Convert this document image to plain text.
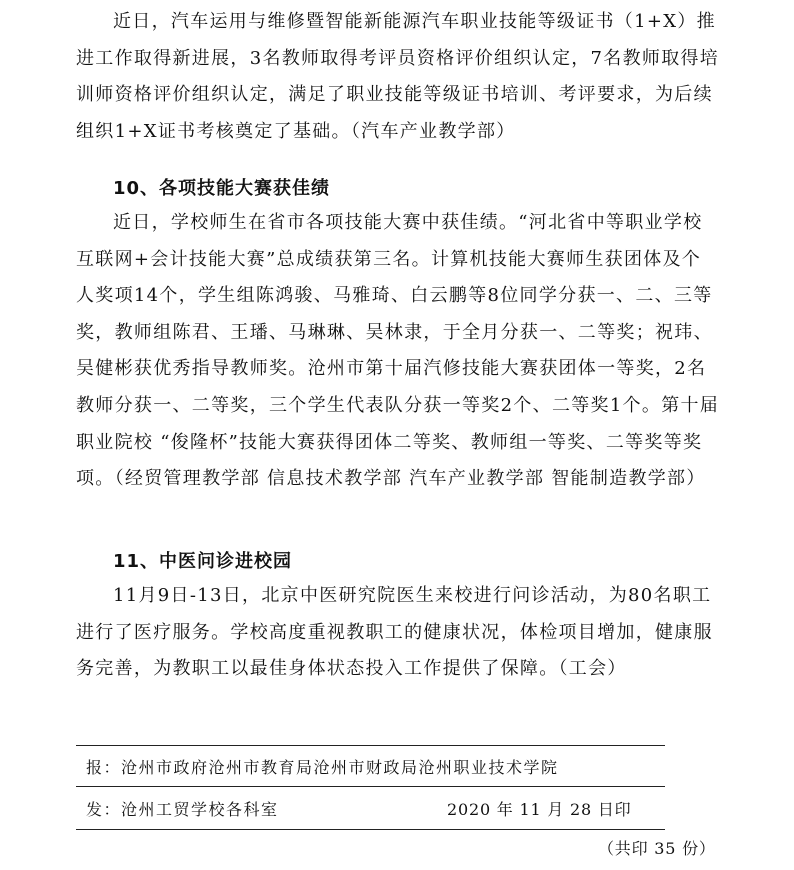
近日，汽车运用与维修暨智能新能源汽车职业技能等级证书（1+X）推进工作取得新进展，3名教师取得考评员资格评价组织认定，7名教师取得培训师资格评价组织认定，满足了职业技能等级证书培训、考评要求，为后续组织1+X证书考核奠定了基础。（汽车产业教学部）

10、各项技能大赛获佳绩

近日，学校师生在省市各项技能大赛中获佳绩。“河北省中等职业学校互联网+会计技能大赛”总成绩获第三名。计算机技能大赛师生获团体及个人奖项14个，学生组陈鸿骏、马雅琦、白云鹏等8位同学分获一、二、三等奖，教师组陈君、王璠、马琳琳、吴林隶，于全月分获一、二等奖；祝玮、吴健彬获优秀指导教师奖。沧州市第十届汽修技能大赛获团体一等奖，2名教师分获一、二等奖，三个学生代表队分获一等奖2个、二等奖1个。第十届职业院校 “俊隆杯”技能大赛获得团体二等奖、教师组一等奖、二等奖等奖项。（经贸管理教学部 信息技术教学部 汽车产业教学部 智能制造教学部）

11、中医问诊进校园

11月9日-13日，北京中医研究院医生来校进行问诊活动，为80名职工进行了医疗服务。学校高度重视教职工的健康状况，体检项目增加，健康服务完善，为教职工以最佳身体状态投入工作提供了保障。（工会）

报：沧州市政府沧州市教育局沧州市财政局沧州职业技术学院
发：沧州工贸学校各科室	2020 年 11 月 28 日印
（共印 35 份）
